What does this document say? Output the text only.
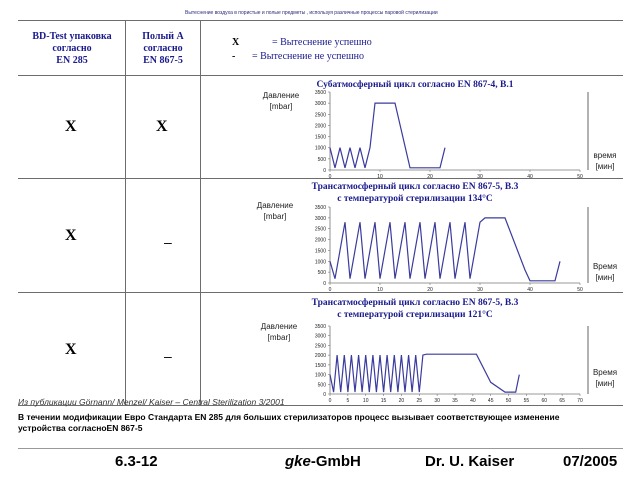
Вытеснение воздуха в пористые и полые предметы , используя различные процессы паровой стерилизации
BD-Test упаковка
согласно
EN 285
Полый А
согласно
EN 867-5
X	= Вытеснение успешно
- = Вытеснение не успешно
X	X
X	–
X	–
Субатмосферный цикл согласно EN 867-4, B.1
Давление
[mbar]
время
[мин]
0
500
1000
1500
2000
2500
3000
3500
0	10	20	30	40	50
Трансатмосферный цикл согласно EN 867-5, B.3
с температурой стерилизации 134°C
Давление
[mbar]
Время
[мин]
0
500
1000
1500
2000
2500
3000
3500
0	10	20	30	40	50
Трансатмосферный цикл согласно EN 867-5, B.3
с температурой стерилизации 121°C
Давление
[mbar]
Время
[мин]
0
500
1000
1500
2000
2500
3000
3500
0	5	10 15 20 25 30 35 40 45 50 55 60 65 70
Из публикации Görnann/ Menzel/ Kaiser – Central Sterilization 3/2001
В течении модификации Евро Стандарта EN 285 для больших стерилизаторов процесс вызывает соответствующее изменение устройства согласноEN 867-5
6.3-12	gke-GmbH	Dr. U. Kaiser	07/2005
